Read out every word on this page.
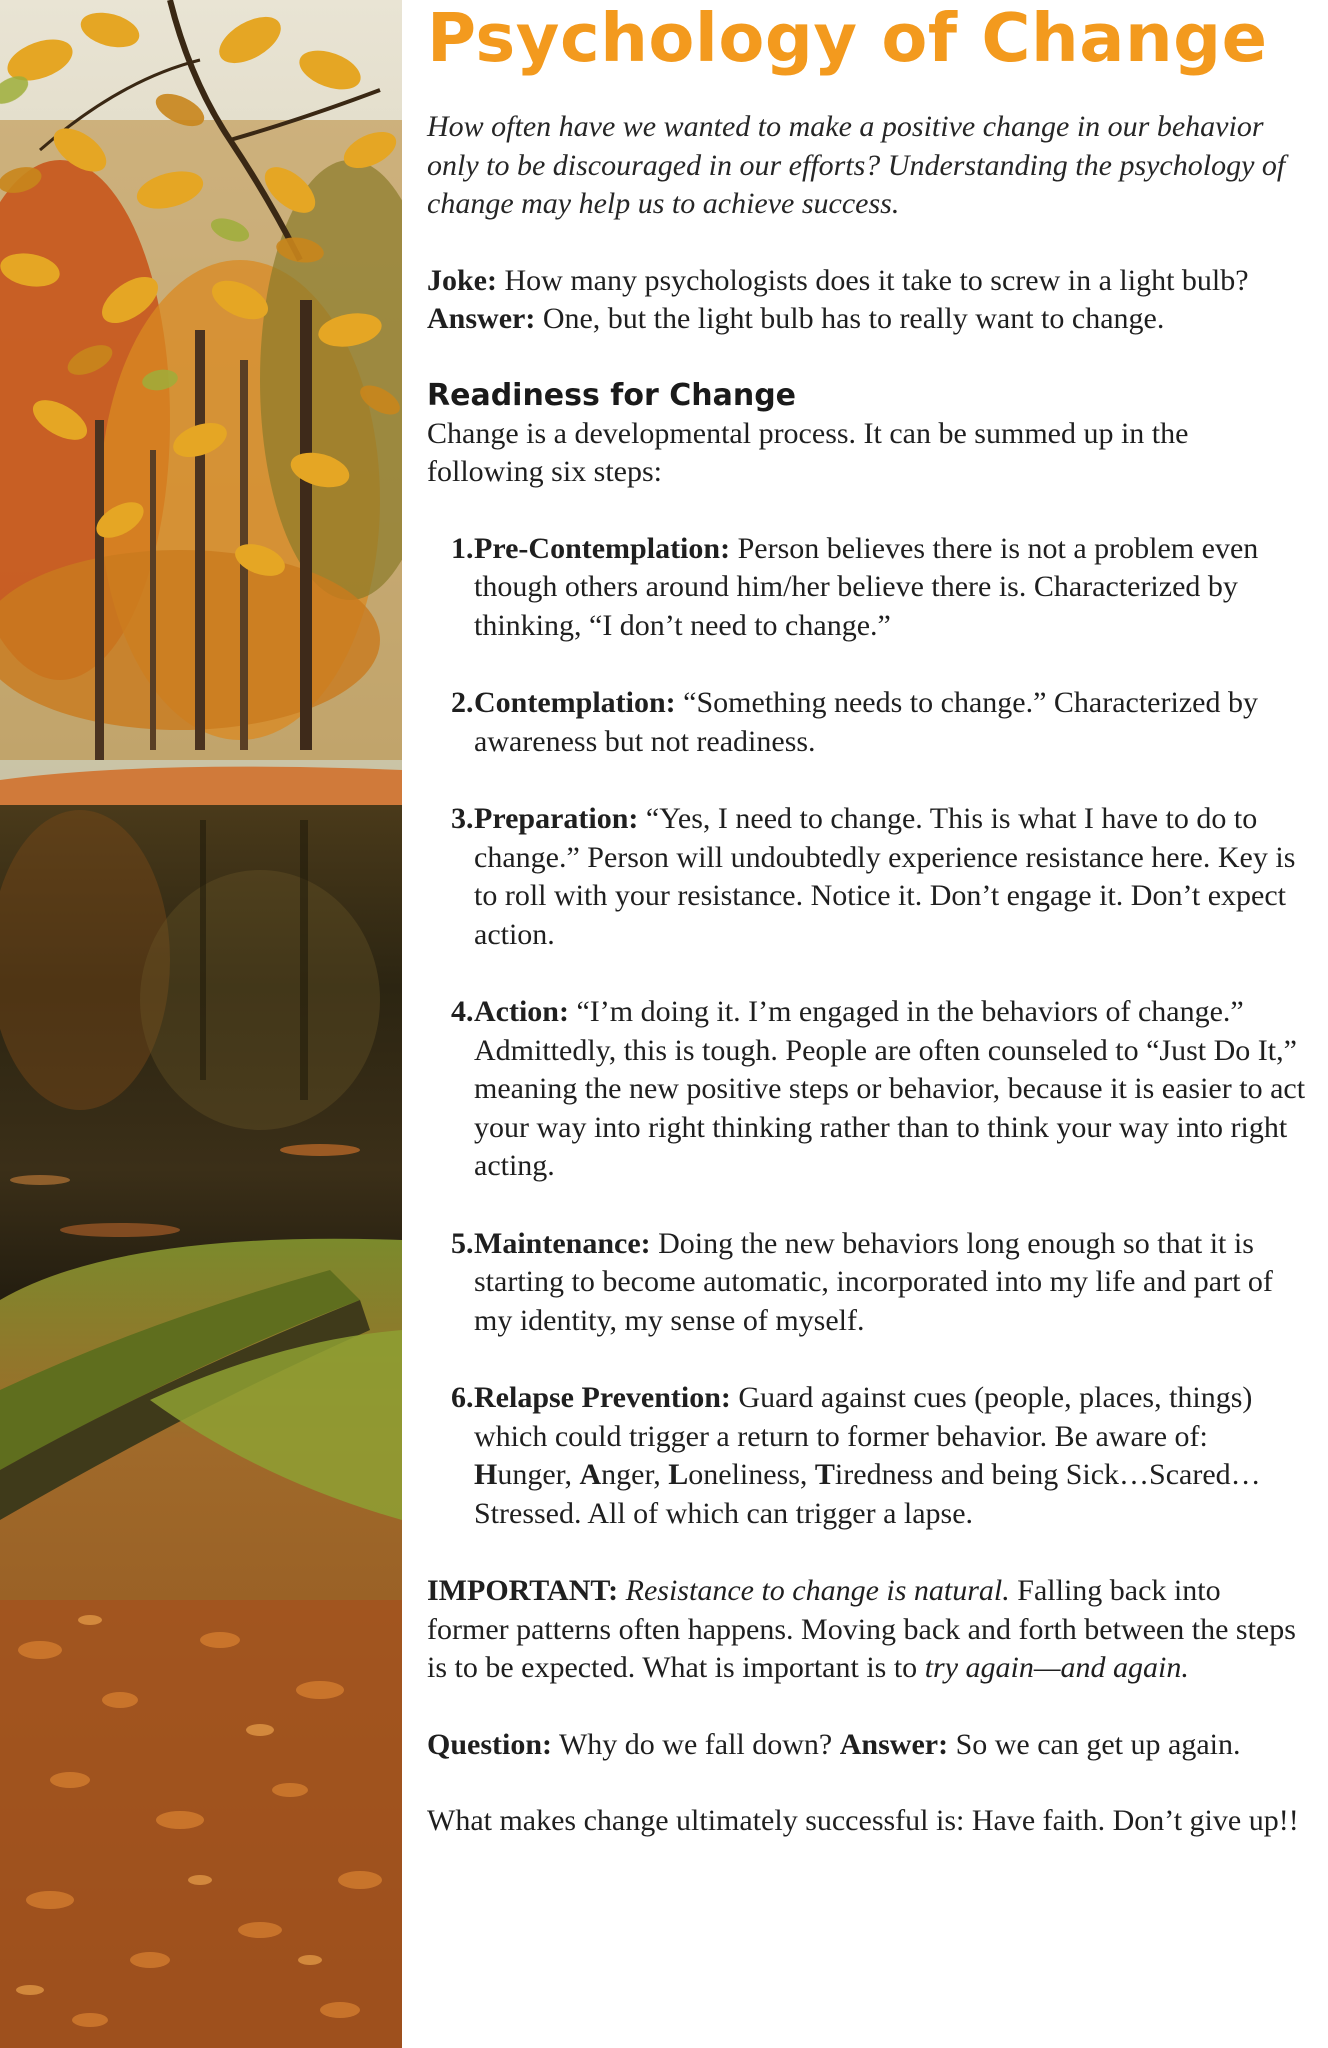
Psychology of Change

How often have we wanted to make a positive change in our behavior only to be discouraged in our efforts? Understanding the psychology of change may help us to achieve success.

Joke: How many psychologists does it take to screw in a light bulb?

Answer: One, but the light bulb has to really want to change.

Readiness for Change

Change is a developmental process. It can be summed up in the following six steps:

1. Pre-Contemplation: Person believes there is not a problem even though others around him/her believe there is. Characterized by thinking, “I don’t need to change.”
2. Contemplation: “Something needs to change.” Characterized by awareness but not readiness.
3. Preparation: “Yes, I need to change. This is what I have to do to change.” Person will undoubtedly experience resistance here. Key is to roll with your resistance. Notice it. Don’t engage it. Don’t expect action.
4. Action: “I’m doing it. I’m engaged in the behaviors of change.” Admittedly, this is tough. People are often counseled to “Just Do It,” meaning the new positive steps or behavior, because it is easier to act your way into right thinking rather than to think your way into right acting.
5. Maintenance: Doing the new behaviors long enough so that it is starting to become automatic, incorporated into my life and part of my identity, my sense of myself.
6. Relapse Prevention: Guard against cues (people, places, things) which could trigger a return to former behavior. Be aware of: Hunger, Anger, Loneliness, Tiredness and being Sick…Scared…Stressed. All of which can trigger a lapse.

IMPORTANT: Resistance to change is natural. Falling back into former patterns often happens. Moving back and forth between the steps is to be expected. What is important is to try again—and again.

Question: Why do we fall down? Answer: So we can get up again.

What makes change ultimately successful is: Have faith. Don’t give up!!
